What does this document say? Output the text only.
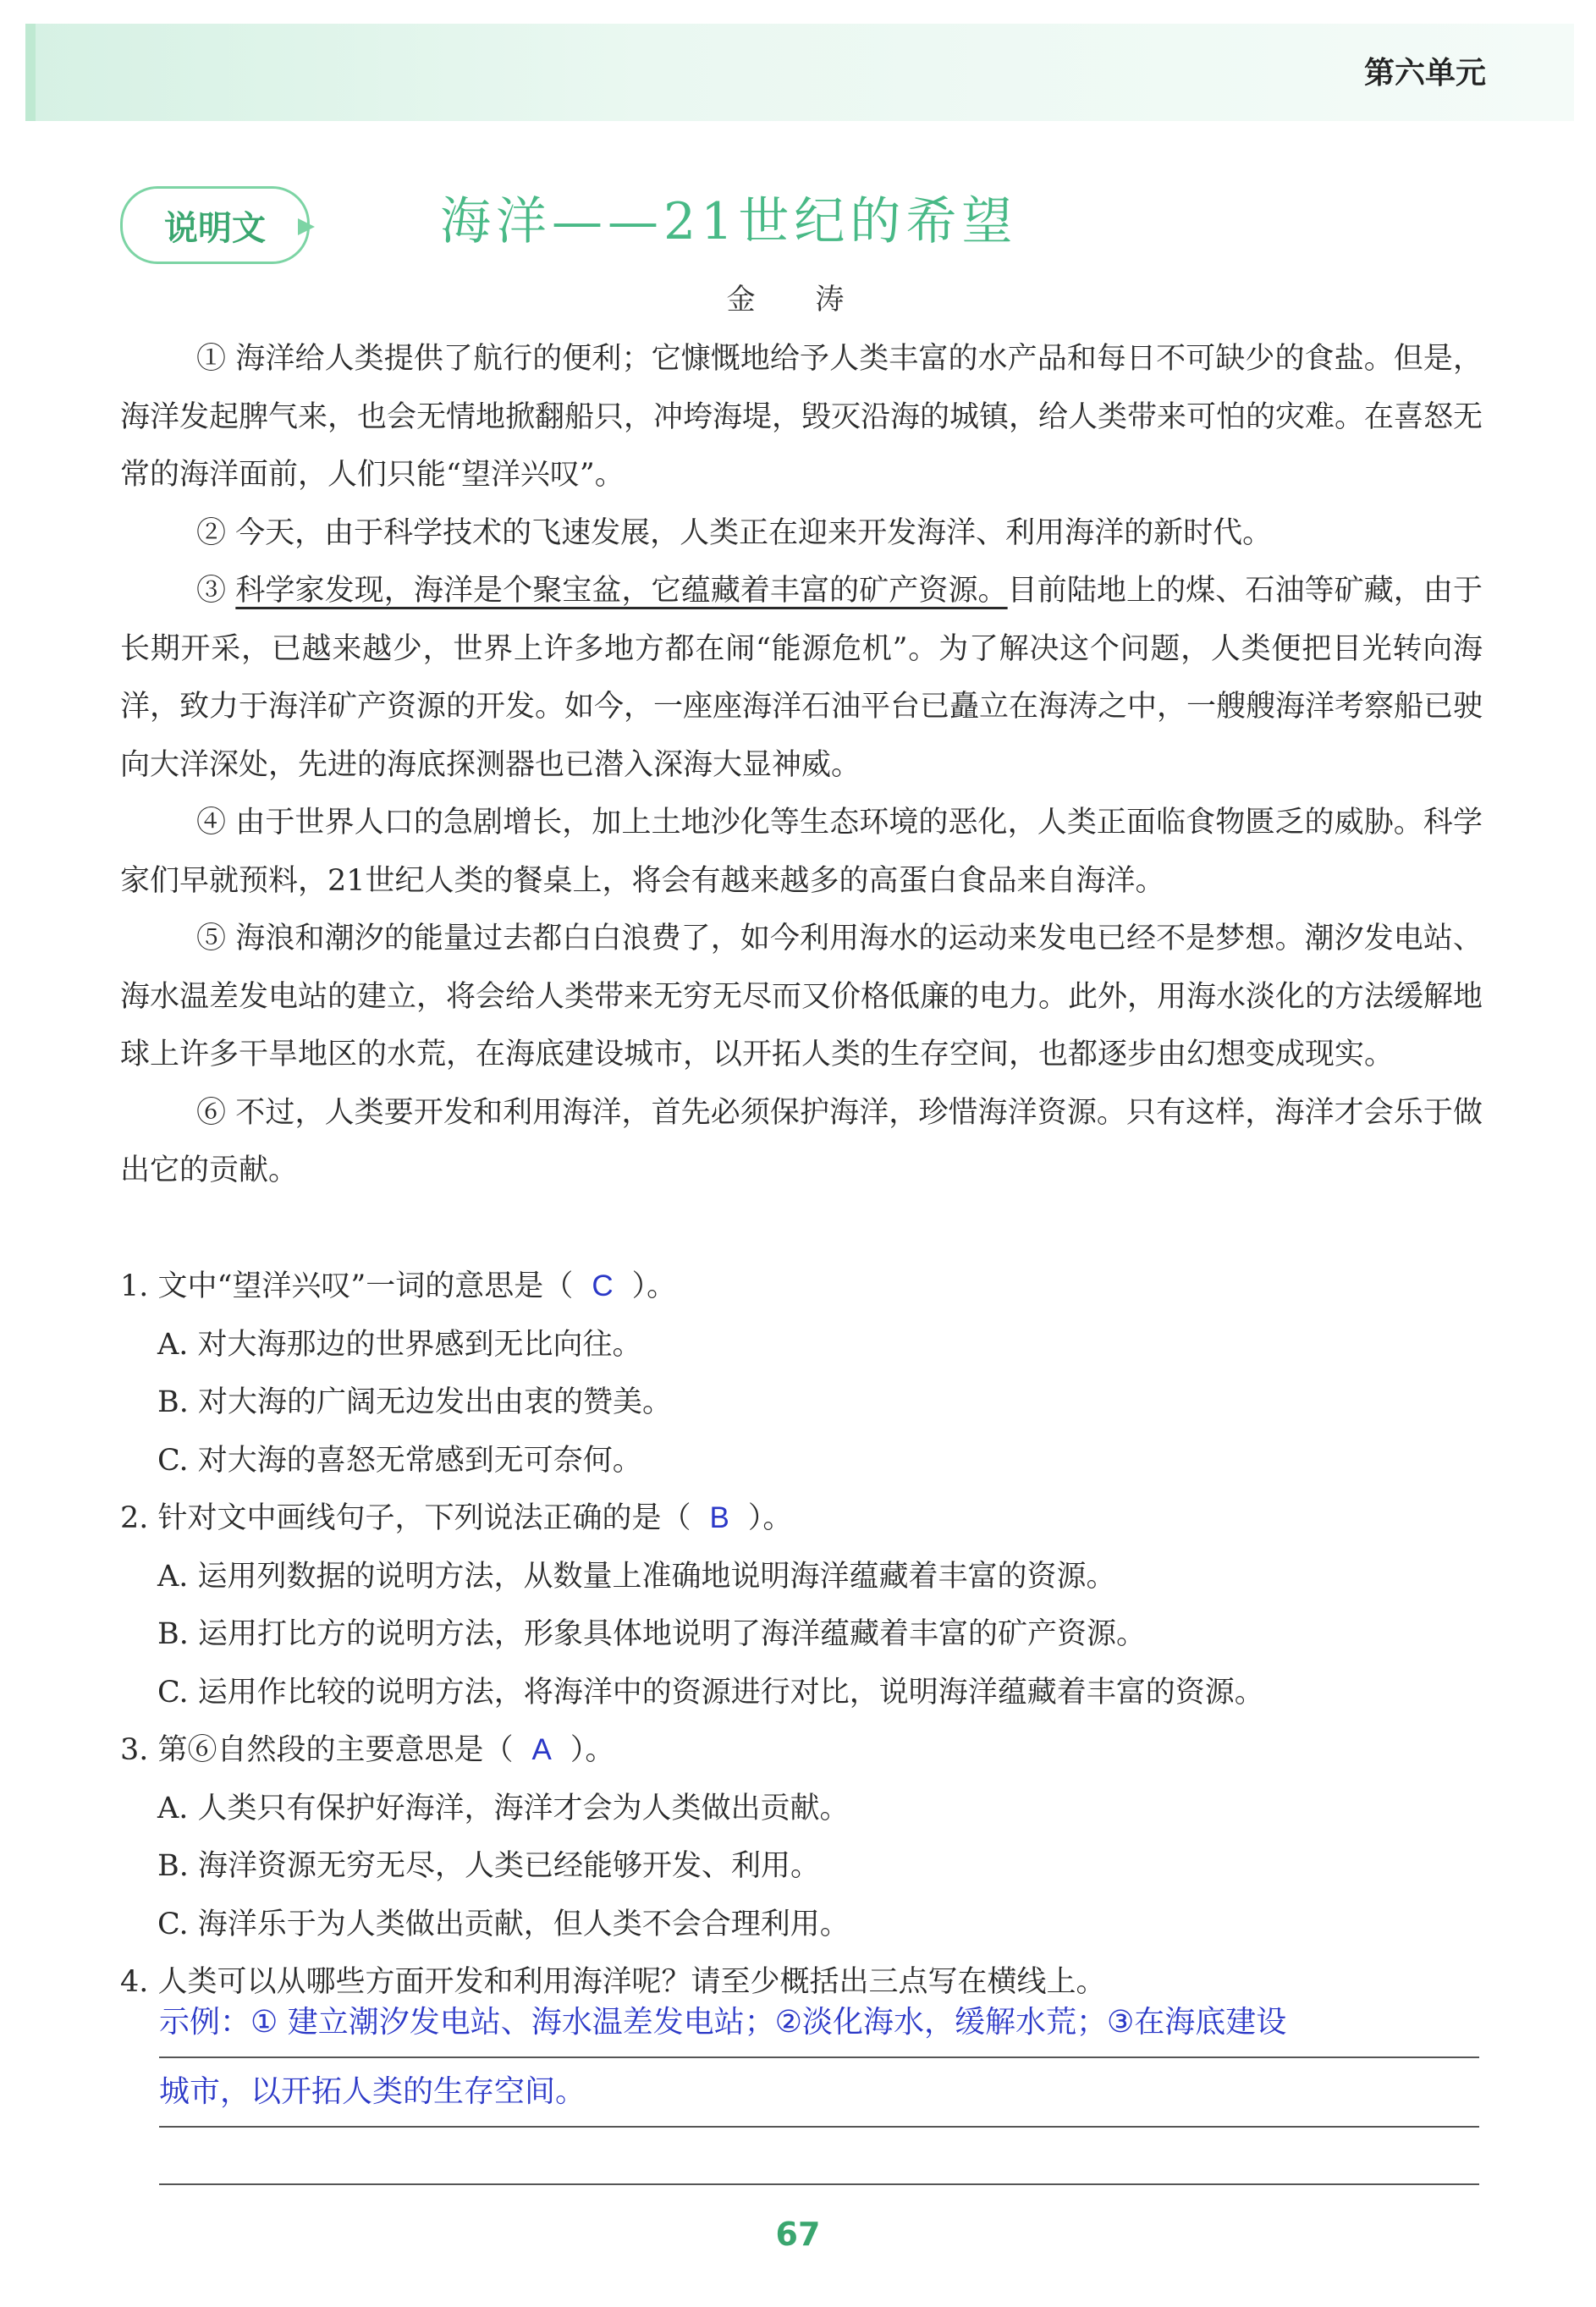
第六单元
说明文	海洋——21世纪的希望
金 涛

① 海洋给人类提供了航行的便利；它慷慨地给予人类丰富的水产品和每日不可缺少的食盐。但是，海洋发起脾气来，也会无情地掀翻船只，冲垮海堤，毁灭沿海的城镇，给人类带来可怕的灾难。在喜怒无常的海洋面前，人们只能“望洋兴叹”。

② 今天，由于科学技术的飞速发展，人类正在迎来开发海洋、利用海洋的新时代。

③ 科学家发现，海洋是个聚宝盆，它蕴藏着丰富的矿产资源。目前陆地上的煤、石油等矿藏，由于长期开采，已越来越少，世界上许多地方都在闹“能源危机”。为了解决这个问题，人类便把目光转向海洋，致力于海洋矿产资源的开发。如今，一座座海洋石油平台已矗立在海涛之中，一艘艘海洋考察船已驶向大洋深处，先进的海底探测器也已潜入深海大显神威。

④ 由于世界人口的急剧增长，加上土地沙化等生态环境的恶化，人类正面临食物匮乏的威胁。科学家们早就预料，21世纪人类的餐桌上，将会有越来越多的高蛋白食品来自海洋。

⑤ 海浪和潮汐的能量过去都白白浪费了，如今利用海水的运动来发电已经不是梦想。潮汐发电站、海水温差发电站的建立，将会给人类带来无穷无尽而又价格低廉的电力。此外，用海水淡化的方法缓解地球上许多干旱地区的水荒，在海底建设城市，以开拓人类的生存空间，也都逐步由幻想变成现实。

⑥ 不过，人类要开发和利用海洋，首先必须保护海洋，珍惜海洋资源。只有这样，海洋才会乐于做出它的贡献。

1. 文中“望洋兴叹”一词的意思是（ C ）。

A. 对大海那边的世界感到无比向往。

B. 对大海的广阔无边发出由衷的赞美。

C. 对大海的喜怒无常感到无可奈何。

2. 针对文中画线句子，下列说法正确的是（ B ）。

A. 运用列数据的说明方法，从数量上准确地说明海洋蕴藏着丰富的资源。

B. 运用打比方的说明方法，形象具体地说明了海洋蕴藏着丰富的矿产资源。

C. 运用作比较的说明方法，将海洋中的资源进行对比，说明海洋蕴藏着丰富的资源。

3. 第⑥自然段的主要意思是（ A ）。

A. 人类只有保护好海洋，海洋才会为人类做出贡献。

B. 海洋资源无穷无尽，人类已经能够开发、利用。

C. 海洋乐于为人类做出贡献，但人类不会合理利用。

4. 人类可以从哪些方面开发和利用海洋呢？请至少概括出三点写在横线上。

示例：① 建立潮汐发电站、海水温差发电站；②淡化海水，缓解水荒；③在海底建设
城市，以开拓人类的生存空间。
67
